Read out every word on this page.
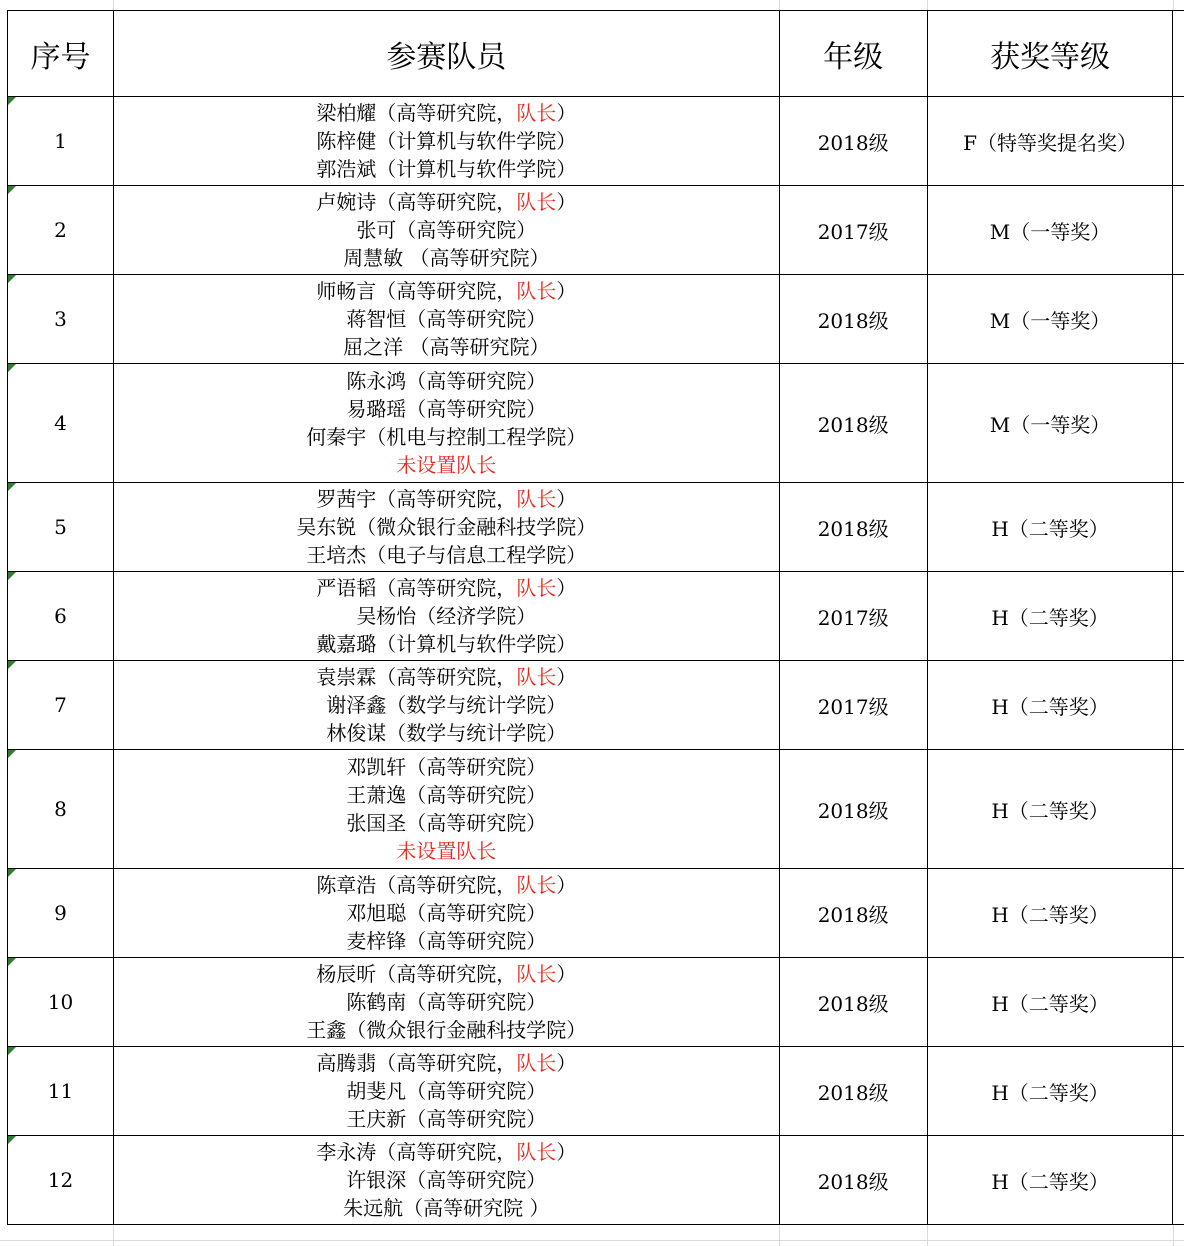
序号	参赛队员	年级	获奖等级	

1	梁柏耀（高等研究院，队长）
陈梓健（计算机与软件学院）
郭浩斌（计算机与软件学院）	2018级	F（特等奖提名奖）	

2	卢婉诗（高等研究院，队长）
张可（高等研究院）
周慧敏 （高等研究院）	2017级	M（一等奖）	

3	师畅言（高等研究院，队长）
蒋智恒（高等研究院）
屈之洋 （高等研究院）	2018级	M（一等奖）	

4	陈永鸿（高等研究院）
易璐瑶（高等研究院）
何秦宇（机电与控制工程学院）
未设置队长	2018级	M（一等奖）	

5	罗茜宇（高等研究院，队长）
吴东锐（微众银行金融科技学院）
王培杰（电子与信息工程学院）	2018级	H（二等奖）	

6	严语韬（高等研究院，队长）
吴杨怡（经济学院）
戴嘉璐（计算机与软件学院）	2017级	H（二等奖）	

7	袁崇霖（高等研究院，队长）
谢泽鑫（数学与统计学院）
林俊谋（数学与统计学院）	2017级	H（二等奖）	

8	邓凯轩（高等研究院）
王萧逸（高等研究院）
张国圣（高等研究院）
未设置队长	2018级	H（二等奖）	

9	陈章浩（高等研究院，队长）
邓旭聪（高等研究院）
麦梓锋（高等研究院）	2018级	H（二等奖）	

10	杨辰昕（高等研究院，队长）
陈鹤南（高等研究院）
王鑫（微众银行金融科技学院）	2018级	H（二等奖）	

11	高腾翡（高等研究院，队长）
胡斐凡（高等研究院）
王庆新（高等研究院）	2018级	H（二等奖）	

12	李永涛（高等研究院，队长）
许银深（高等研究院）
朱远航（高等研究院 ）	2018级	H（二等奖）	
